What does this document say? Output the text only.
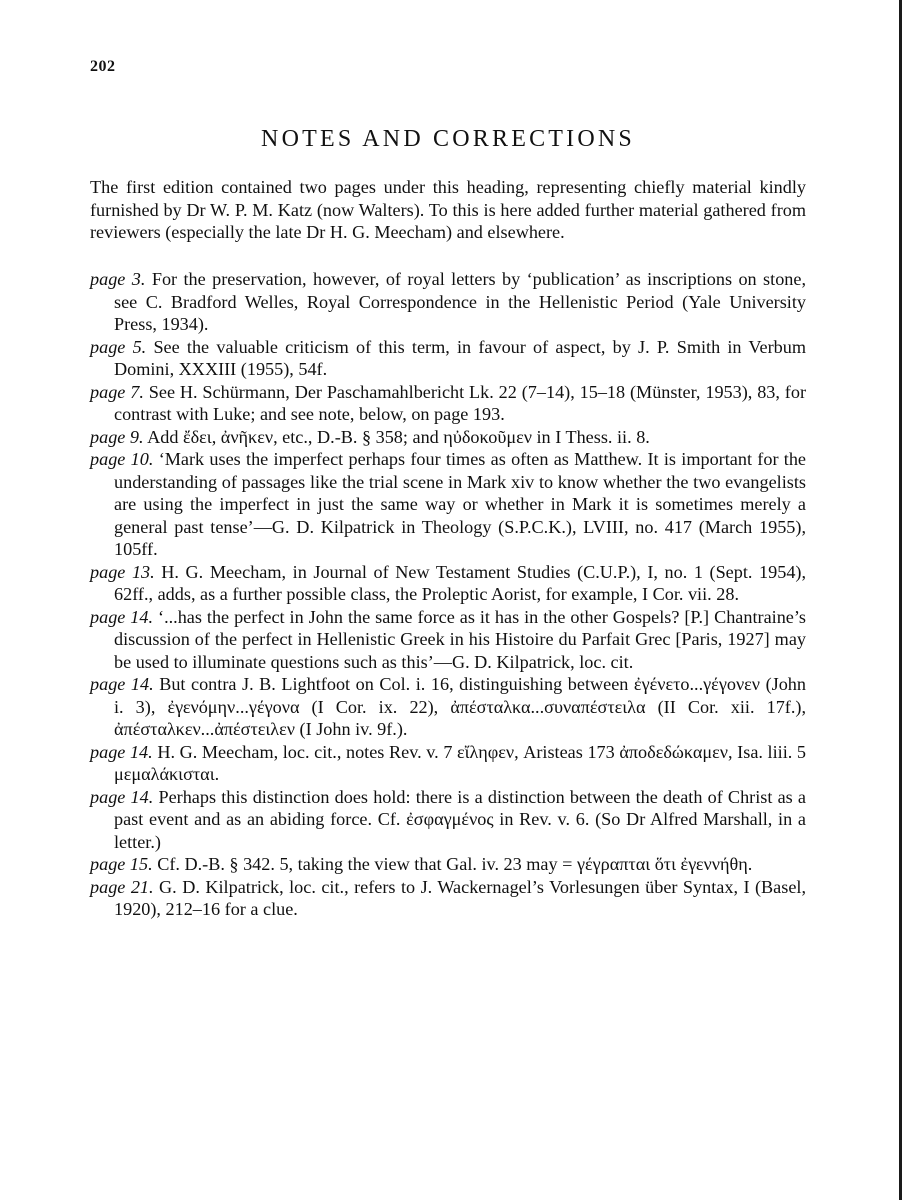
202
NOTES AND CORRECTIONS

The first edition contained two pages under this heading, representing chiefly material kindly furnished by Dr W. P. M. Katz (now Walters). To this is here added further material gathered from reviewers (especially the late Dr H. G. Meecham) and elsewhere.

page 3. For the preservation, however, of royal letters by ‘publication’ as inscriptions on stone, see C. Bradford Welles, Royal Correspondence in the Hellenistic Period (Yale University Press, 1934).

page 5. See the valuable criticism of this term, in favour of aspect, by J. P. Smith in Verbum Domini, XXXIII (1955), 54f.

page 7. See H. Schürmann, Der Paschamahlbericht Lk. 22 (7–14), 15–18 (Münster, 1953), 83, for contrast with Luke; and see note, below, on page 193.

page 9. Add ἔδει, ἀνῆκεν, etc., D.-B. § 358; and ηὐδοκοῦμεν in I Thess. ii. 8.

page 10. ‘Mark uses the imperfect perhaps four times as often as Matthew. It is important for the understanding of passages like the trial scene in Mark xiv to know whether the two evangelists are using the imperfect in just the same way or whether in Mark it is sometimes merely a general past tense’—G. D. Kilpatrick in Theology (S.P.C.K.), LVIII, no. 417 (March 1955), 105ff.

page 13. H. G. Meecham, in Journal of New Testament Studies (C.U.P.), I, no. 1 (Sept. 1954), 62ff., adds, as a further possible class, the Proleptic Aorist, for example, I Cor. vii. 28.

page 14. ‘...has the perfect in John the same force as it has in the other Gospels? [P.] Chantraine’s discussion of the perfect in Hellenistic Greek in his Histoire du Parfait Grec [Paris, 1927] may be used to illuminate questions such as this’—G. D. Kilpatrick, loc. cit.

page 14. But contra J. B. Lightfoot on Col. i. 16, distinguishing between ἐγένετο...γέγονεν (John i. 3), ἐγενόμην...γέγονα (I Cor. ix. 22), ἀπέσταλκα...συναπέστειλα (II Cor. xii. 17f.), ἀπέσταλκεν...ἀπέστειλεν (I John iv. 9f.).

page 14. H. G. Meecham, loc. cit., notes Rev. v. 7 εἴληφεν, Aristeas 173 ἀποδεδώκαμεν, Isa. liii. 5 μεμαλάκισται.

page 14. Perhaps this distinction does hold: there is a distinction between the death of Christ as a past event and as an abiding force. Cf. ἐσφαγμένος in Rev. v. 6. (So Dr Alfred Marshall, in a letter.)

page 15. Cf. D.-B. § 342. 5, taking the view that Gal. iv. 23 may = γέγραπται ὅτι ἐγεννήθη.

page 21. G. D. Kilpatrick, loc. cit., refers to J. Wackernagel’s Vorlesungen über Syntax, I (Basel, 1920), 212–16 for a clue.
